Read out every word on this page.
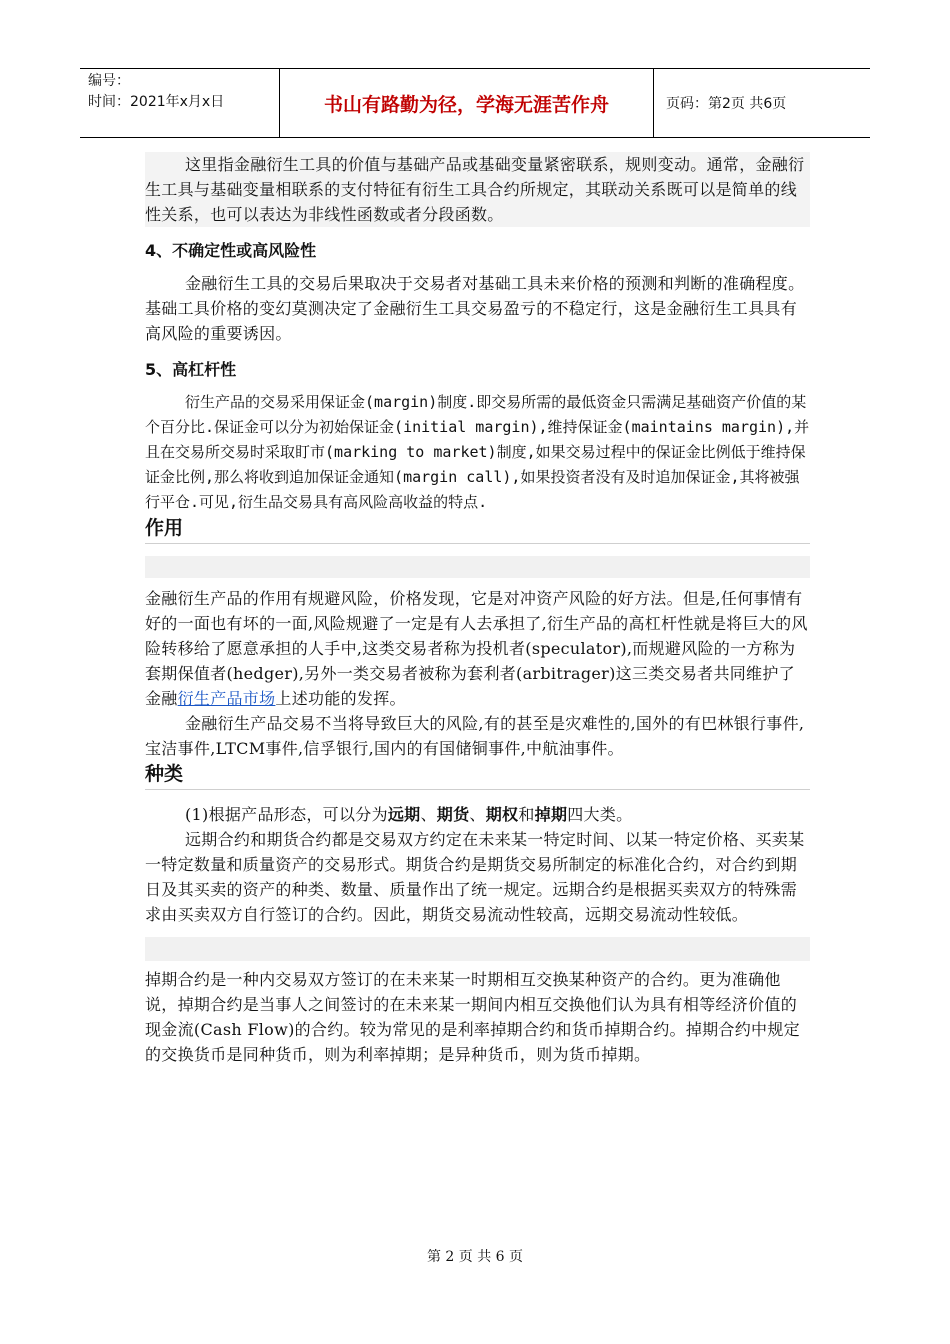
编号：
时间：2021年x月x日	书山有路勤为径，学海无涯苦作舟	页码：第2页 共6页

这里指金融衍生工具的价值与基础产品或基础变量紧密联系，规则变动。通常，金融衍生工具与基础变量相联系的支付特征有衍生工具合约所规定，其联动关系既可以是简单的线性关系，也可以表达为非线性函数或者分段函数。

4、不确定性或高风险性

金融衍生工具的交易后果取决于交易者对基础工具未来价格的预测和判断的准确程度。基础工具价格的变幻莫测决定了金融衍生工具交易盈亏的不稳定行，这是金融衍生工具具有高风险的重要诱因。

5、高杠杆性

衍生产品的交易采用保证金(margin)制度.即交易所需的最低资金只需满足基础资产价值的某个百分比.保证金可以分为初始保证金(initial margin),维持保证金(maintains margin),并且在交易所交易时采取盯市(marking to market)制度,如果交易过程中的保证金比例低于维持保证金比例,那么将收到追加保证金通知(margin call),如果投资者没有及时追加保证金,其将被强行平仓.可见,衍生品交易具有高风险高收益的特点.

作用

金融衍生产品的作用有规避风险，价格发现，它是对冲资产风险的好方法。但是,任何事情有好的一面也有坏的一面,风险规避了一定是有人去承担了,衍生产品的高杠杆性就是将巨大的风险转移给了愿意承担的人手中,这类交易者称为投机者(speculator),而规避风险的一方称为套期保值者(hedger),另外一类交易者被称为套利者(arbitrager)这三类交易者共同维护了金融衍生产品市场上述功能的发挥。

金融衍生产品交易不当将导致巨大的风险,有的甚至是灾难性的,国外的有巴林银行事件,宝洁事件,LTCM事件,信孚银行,国内的有国储铜事件,中航油事件。

种类

(1)根据产品形态，可以分为远期、期货、期权和掉期四大类。

远期合约和期货合约都是交易双方约定在未来某一特定时间、以某一特定价格、买卖某一特定数量和质量资产的交易形式。期货合约是期货交易所制定的标准化合约，对合约到期日及其买卖的资产的种类、数量、质量作出了统一规定。远期合约是根据买卖双方的特殊需求由买卖双方自行签订的合约。因此，期货交易流动性较高，远期交易流动性较低。

掉期合约是一种内交易双方签订的在未来某一时期相互交换某种资产的合约。更为准确他说，掉期合约是当事人之间签讨的在未来某一期间内相互交换他们认为具有相等经济价值的现金流(Cash Flow)的合约。较为常见的是利率掉期合约和货币掉期合约。掉期合约中规定的交换货币是同种货币，则为利率掉期；是异种货币，则为货币掉期。

第 2 页 共 6 页
